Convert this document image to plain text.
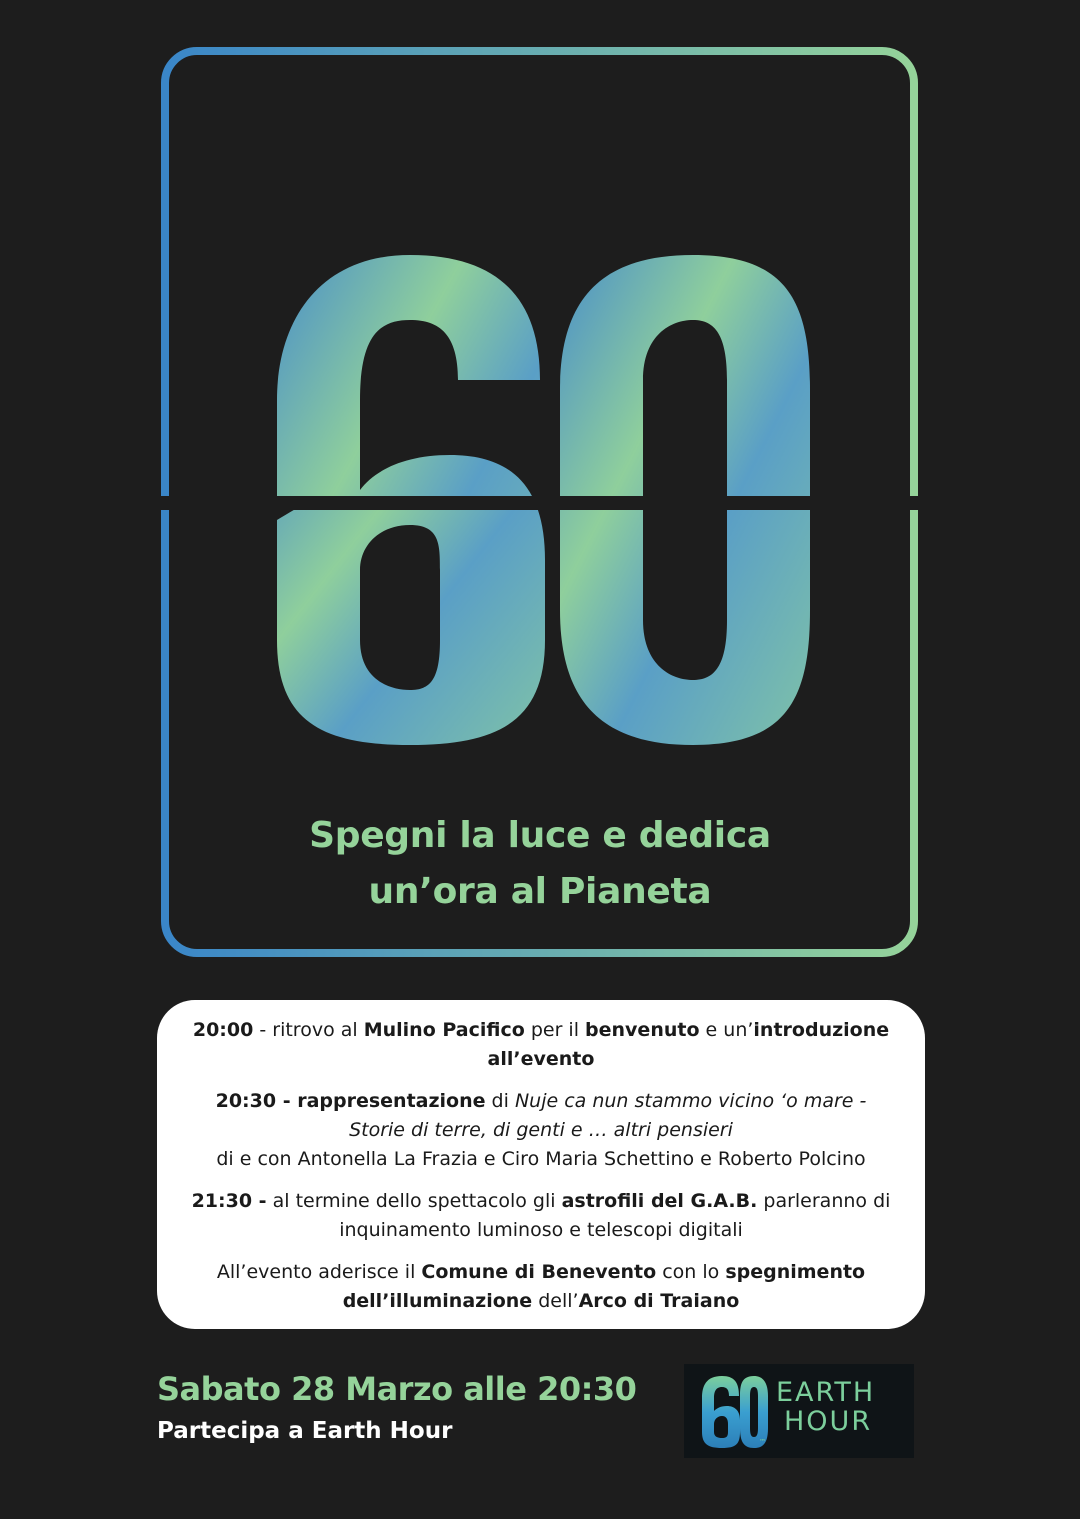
Spegni la luce e dedica
un’ora al Pianeta

20:00 - ritrovo al Mulino Pacifico per il benvenuto e un’introduzione all’evento

20:30 - rappresentazione di Nuje ca nun stammo vicino ‘o mare - Storie di terre, di genti e … altri pensieri
di e con Antonella La Frazia e Ciro Maria Schettino e Roberto Polcino

21:30 - al termine dello spettacolo gli astrofili del G.A.B. parleranno di inquinamento luminoso e telescopi digitali

All’evento aderisce il Comune di Benevento con lo spegnimento dell’illuminazione dell’Arco di Traiano

Sabato 28 Marzo alle 20:30
Partecipa a Earth Hour
EARTH
HOUR
™
